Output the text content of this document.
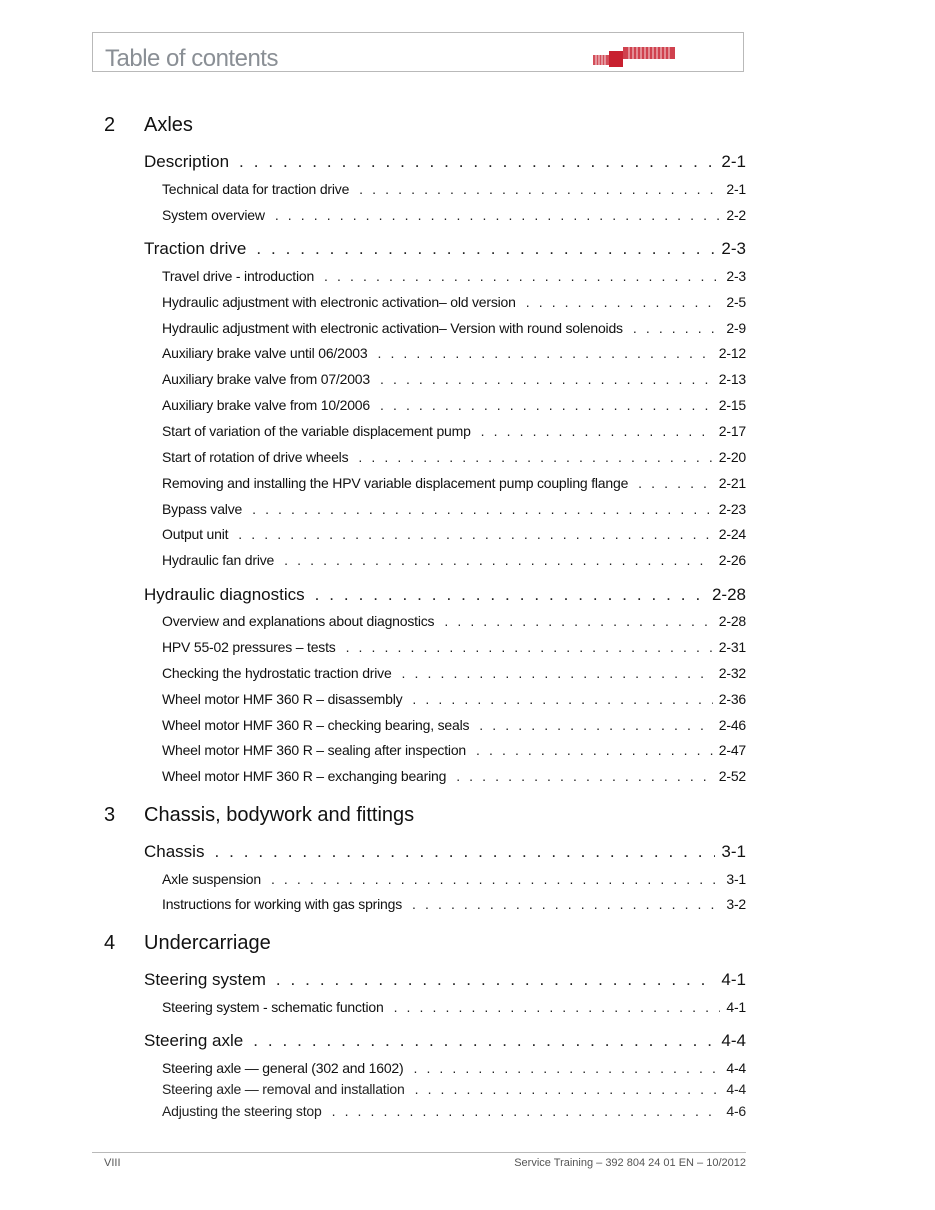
Table of contents
2 Axles
Description . . .	2-1
Technical data for traction drive . . .	2-1
System overview . . .	2-2
Traction drive . . .	2-3
Travel drive - introduction . . .	2-3
Hydraulic adjustment with electronic activation– old version . . .	2-5
Hydraulic adjustment with electronic activation– Version with round solenoids . . .	2-9
Auxiliary brake valve until 06/2003 . . .	2-12
Auxiliary brake valve from 07/2003 . . .	2-13
Auxiliary brake valve from 10/2006 . . .	2-15
Start of variation of the variable displacement pump . . .	2-17
Start of rotation of drive wheels . . .	2-20
Removing and installing the HPV variable displacement pump coupling flange . . .	2-21
Bypass valve . . .	2-23
Output unit . . .	2-24
Hydraulic fan drive . . .	2-26
Hydraulic diagnostics . . .	2-28
Overview and explanations about diagnostics . . .	2-28
HPV 55-02 pressures – tests . . .	2-31
Checking the hydrostatic traction drive . . .	2-32
Wheel motor HMF 360 R – disassembly . . .	2-36
Wheel motor HMF 360 R – checking bearing, seals . . .	2-46
Wheel motor HMF 360 R – sealing after inspection . . .	2-47
Wheel motor HMF 360 R – exchanging bearing . . .	2-52
3 Chassis, bodywork and fittings
Chassis . . .	3-1
Axle suspension . . .	3-1
Instructions for working with gas springs . . .	3-2
4 Undercarriage
Steering system . . .	4-1
Steering system - schematic function . . .	4-1
Steering axle . . .	4-4
Steering axle — general (302 and 1602) . . .	4-4
Steering axle — removal and installation . . .	4-4
Adjusting the steering stop . . .	4-6
VIII	Service Training – 392 804 24 01 EN – 10/2012
